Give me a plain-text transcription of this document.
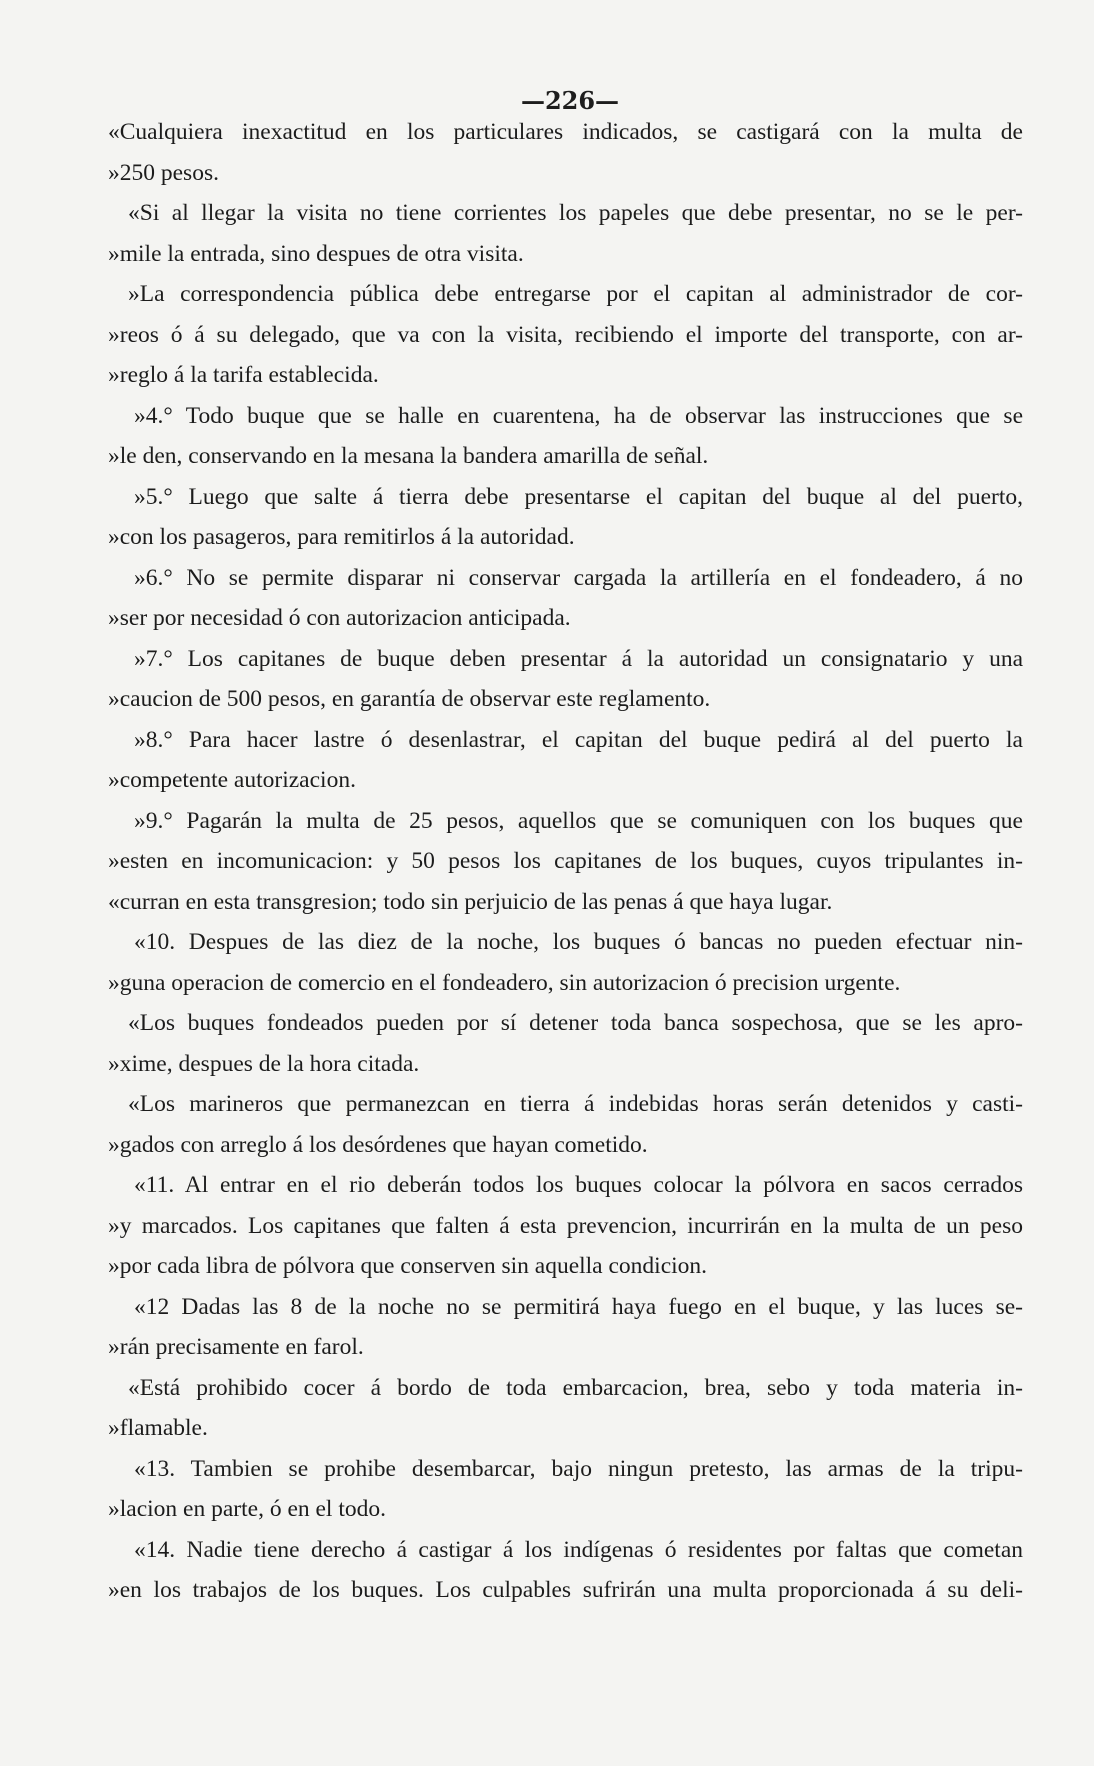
—226—
«Cualquiera inexactitud en los particulares indicados, se castigará con la multa de
»250 pesos.
«Si al llegar la visita no tiene corrientes los papeles que debe presentar, no se le per-
»mile la entrada, sino despues de otra visita.
»La correspondencia pública debe entregarse por el capitan al administrador de cor-
»reos ó á su delegado, que va con la visita, recibiendo el importe del transporte, con ar-
»reglo á la tarifa establecida.
»4.° Todo buque que se halle en cuarentena, ha de observar las instrucciones que se
»le den, conservando en la mesana la bandera amarilla de señal.
»5.° Luego que salte á tierra debe presentarse el capitan del buque al del puerto,
»con los pasageros, para remitirlos á la autoridad.
»6.° No se permite disparar ni conservar cargada la artillería en el fondeadero, á no
»ser por necesidad ó con autorizacion anticipada.
»7.° Los capitanes de buque deben presentar á la autoridad un consignatario y una
»caucion de 500 pesos, en garantía de observar este reglamento.
»8.° Para hacer lastre ó desenlastrar, el capitan del buque pedirá al del puerto la
»competente autorizacion.
»9.° Pagarán la multa de 25 pesos, aquellos que se comuniquen con los buques que
»esten en incomunicacion: y 50 pesos los capitanes de los buques, cuyos tripulantes in-
«curran en esta transgresion; todo sin perjuicio de las penas á que haya lugar.
«10. Despues de las diez de la noche, los buques ó bancas no pueden efectuar nin-
»guna operacion de comercio en el fondeadero, sin autorizacion ó precision urgente.
«Los buques fondeados pueden por sí detener toda banca sospechosa, que se les apro-
»xime, despues de la hora citada.
«Los marineros que permanezcan en tierra á indebidas horas serán detenidos y casti-
»gados con arreglo á los desórdenes que hayan cometido.
«11. Al entrar en el rio deberán todos los buques colocar la pólvora en sacos cerrados
»y marcados. Los capitanes que falten á esta prevencion, incurrirán en la multa de un peso
»por cada libra de pólvora que conserven sin aquella condicion.
«12 Dadas las 8 de la noche no se permitirá haya fuego en el buque, y las luces se-
»rán precisamente en farol.
«Está prohibido cocer á bordo de toda embarcacion, brea, sebo y toda materia in-
»flamable.
«13. Tambien se prohibe desembarcar, bajo ningun pretesto, las armas de la tripu-
»lacion en parte, ó en el todo.
«14. Nadie tiene derecho á castigar á los indígenas ó residentes por faltas que cometan
»en los trabajos de los buques. Los culpables sufrirán una multa proporcionada á su deli-
